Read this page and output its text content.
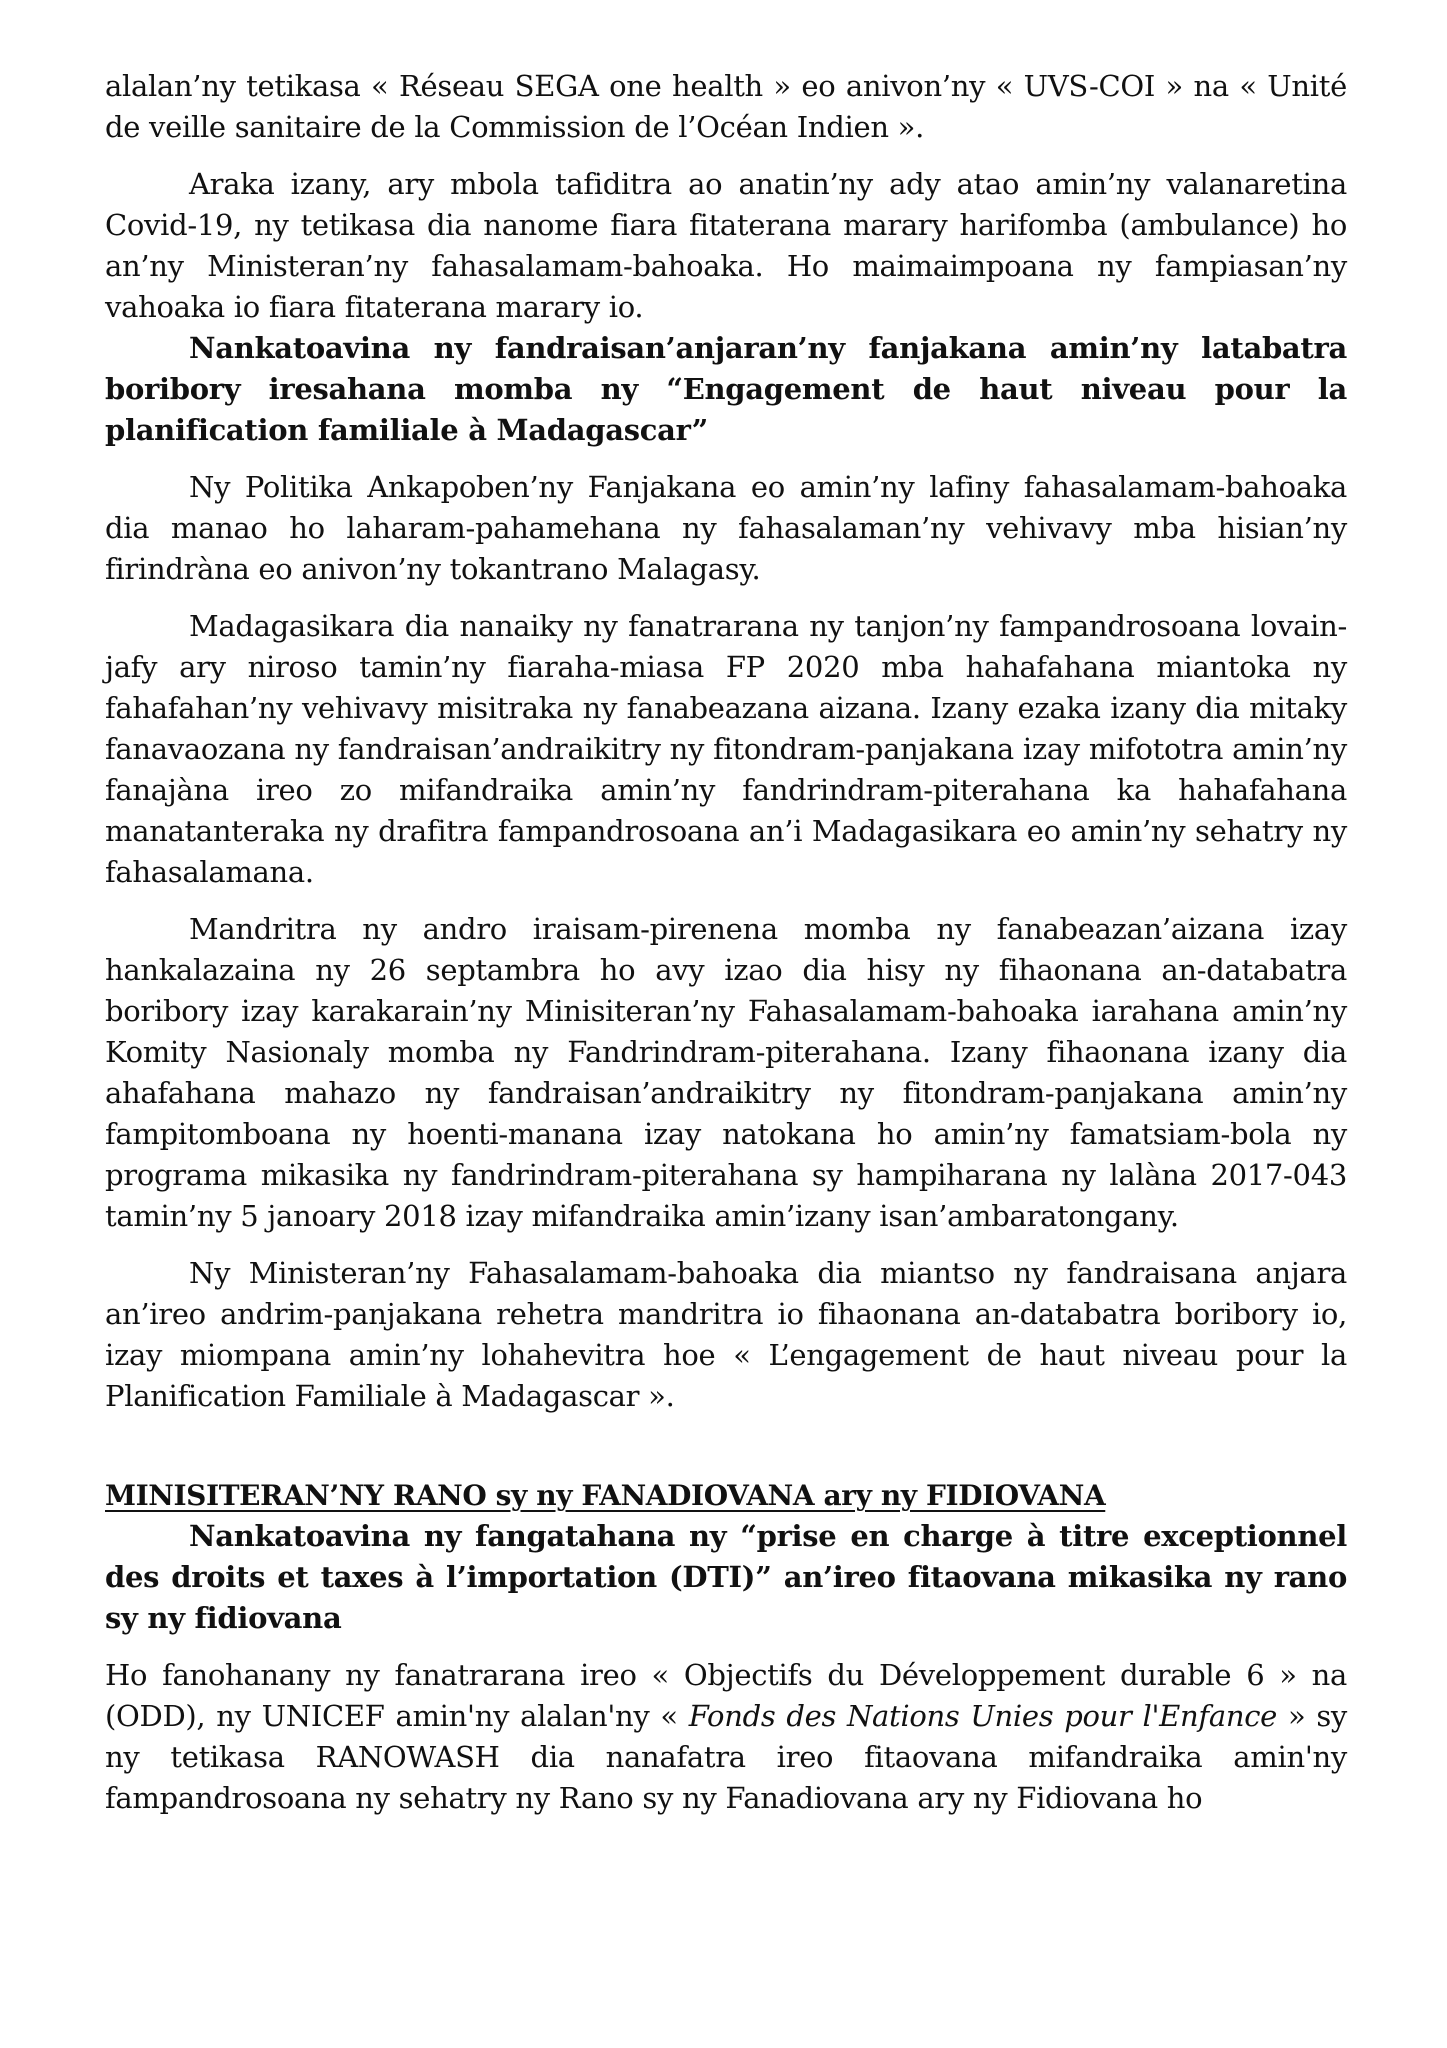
alalan’ny tetikasa « Réseau SEGA one health » eo anivon’ny « UVS-COI » na « Unité de veille sanitaire de la Commission de l’Océan Indien ».

Araka izany, ary mbola tafiditra ao anatin’ny ady atao amin’ny valanaretina Covid-19, ny tetikasa dia nanome fiara fitaterana marary harifomba (ambulance) ho an’ny Ministeran’ny fahasalamam-bahoaka. Ho maimaimpoana ny fampiasan’ny vahoaka io fiara fitaterana marary io.

Nankatoavina ny fandraisan’anjaran’ny fanjakana amin’ny latabatra boribory iresahana momba ny “Engagement de haut niveau pour la planification familiale à Madagascar”

Ny Politika Ankapoben’ny Fanjakana eo amin’ny lafiny fahasalamam-bahoaka dia manao ho laharam-pahamehana ny fahasalaman’ny vehivavy mba hisian’ny firindràna eo anivon’ny tokantrano Malagasy.

Madagasikara dia nanaiky ny fanatrarana ny tanjon’ny fampandrosoana lovain-jafy ary niroso tamin’ny fiaraha-miasa FP 2020 mba hahafahana miantoka ny fahafahan’ny vehivavy misitraka ny fanabeazana aizana. Izany ezaka izany dia mitaky fanavaozana ny fandraisan’andraikitry ny fitondram-panjakana izay mifototra amin’ny fanajàna ireo zo mifandraika amin’ny fandrindram-piterahana ka hahafahana manatanteraka ny drafitra fampandrosoana an’i Madagasikara eo amin’ny sehatry ny fahasalamana.

Mandritra ny andro iraisam-pirenena momba ny fanabeazan’aizana izay hankalazaina ny 26 septambra ho avy izao dia hisy ny fihaonana an-databatra boribory izay karakarain’ny Minisiteran’ny Fahasalamam-bahoaka iarahana amin’ny Komity Nasionaly momba ny Fandrindram-piterahana. Izany fihaonana izany dia ahafahana mahazo ny fandraisan’andraikitry ny fitondram-panjakana amin’ny fampitomboana ny hoenti-manana izay natokana ho amin’ny famatsiam-bola ny programa mikasika ny fandrindram-piterahana sy hampiharana ny lalàna 2017-043 tamin’ny 5 janoary 2018 izay mifandraika amin’izany isan’ambaratongany.

Ny Ministeran’ny Fahasalamam-bahoaka dia miantso ny fandraisana anjara an’ireo andrim-panjakana rehetra mandritra io fihaonana an-databatra boribory io, izay miompana amin’ny lohahevitra hoe « L’engagement de haut niveau pour la Planification Familiale à Madagascar ».

MINISITERAN’NY RANO sy ny FANADIOVANA ary ny FIDIOVANA

Nankatoavina ny fangatahana ny “prise en charge à titre exceptionnel des droits et taxes à l’importation (DTI)” an’ireo fitaovana mikasika ny rano sy ny fidiovana

Ho fanohanany ny fanatrarana ireo « Objectifs du Développement durable 6 » na (ODD), ny UNICEF amin'ny alalan'ny « Fonds des Nations Unies pour l'Enfance » sy ny tetikasa RANOWASH dia nanafatra ireo fitaovana mifandraika amin'ny fampandrosoana ny sehatry ny Rano sy ny Fanadiovana ary ny Fidiovana ho
